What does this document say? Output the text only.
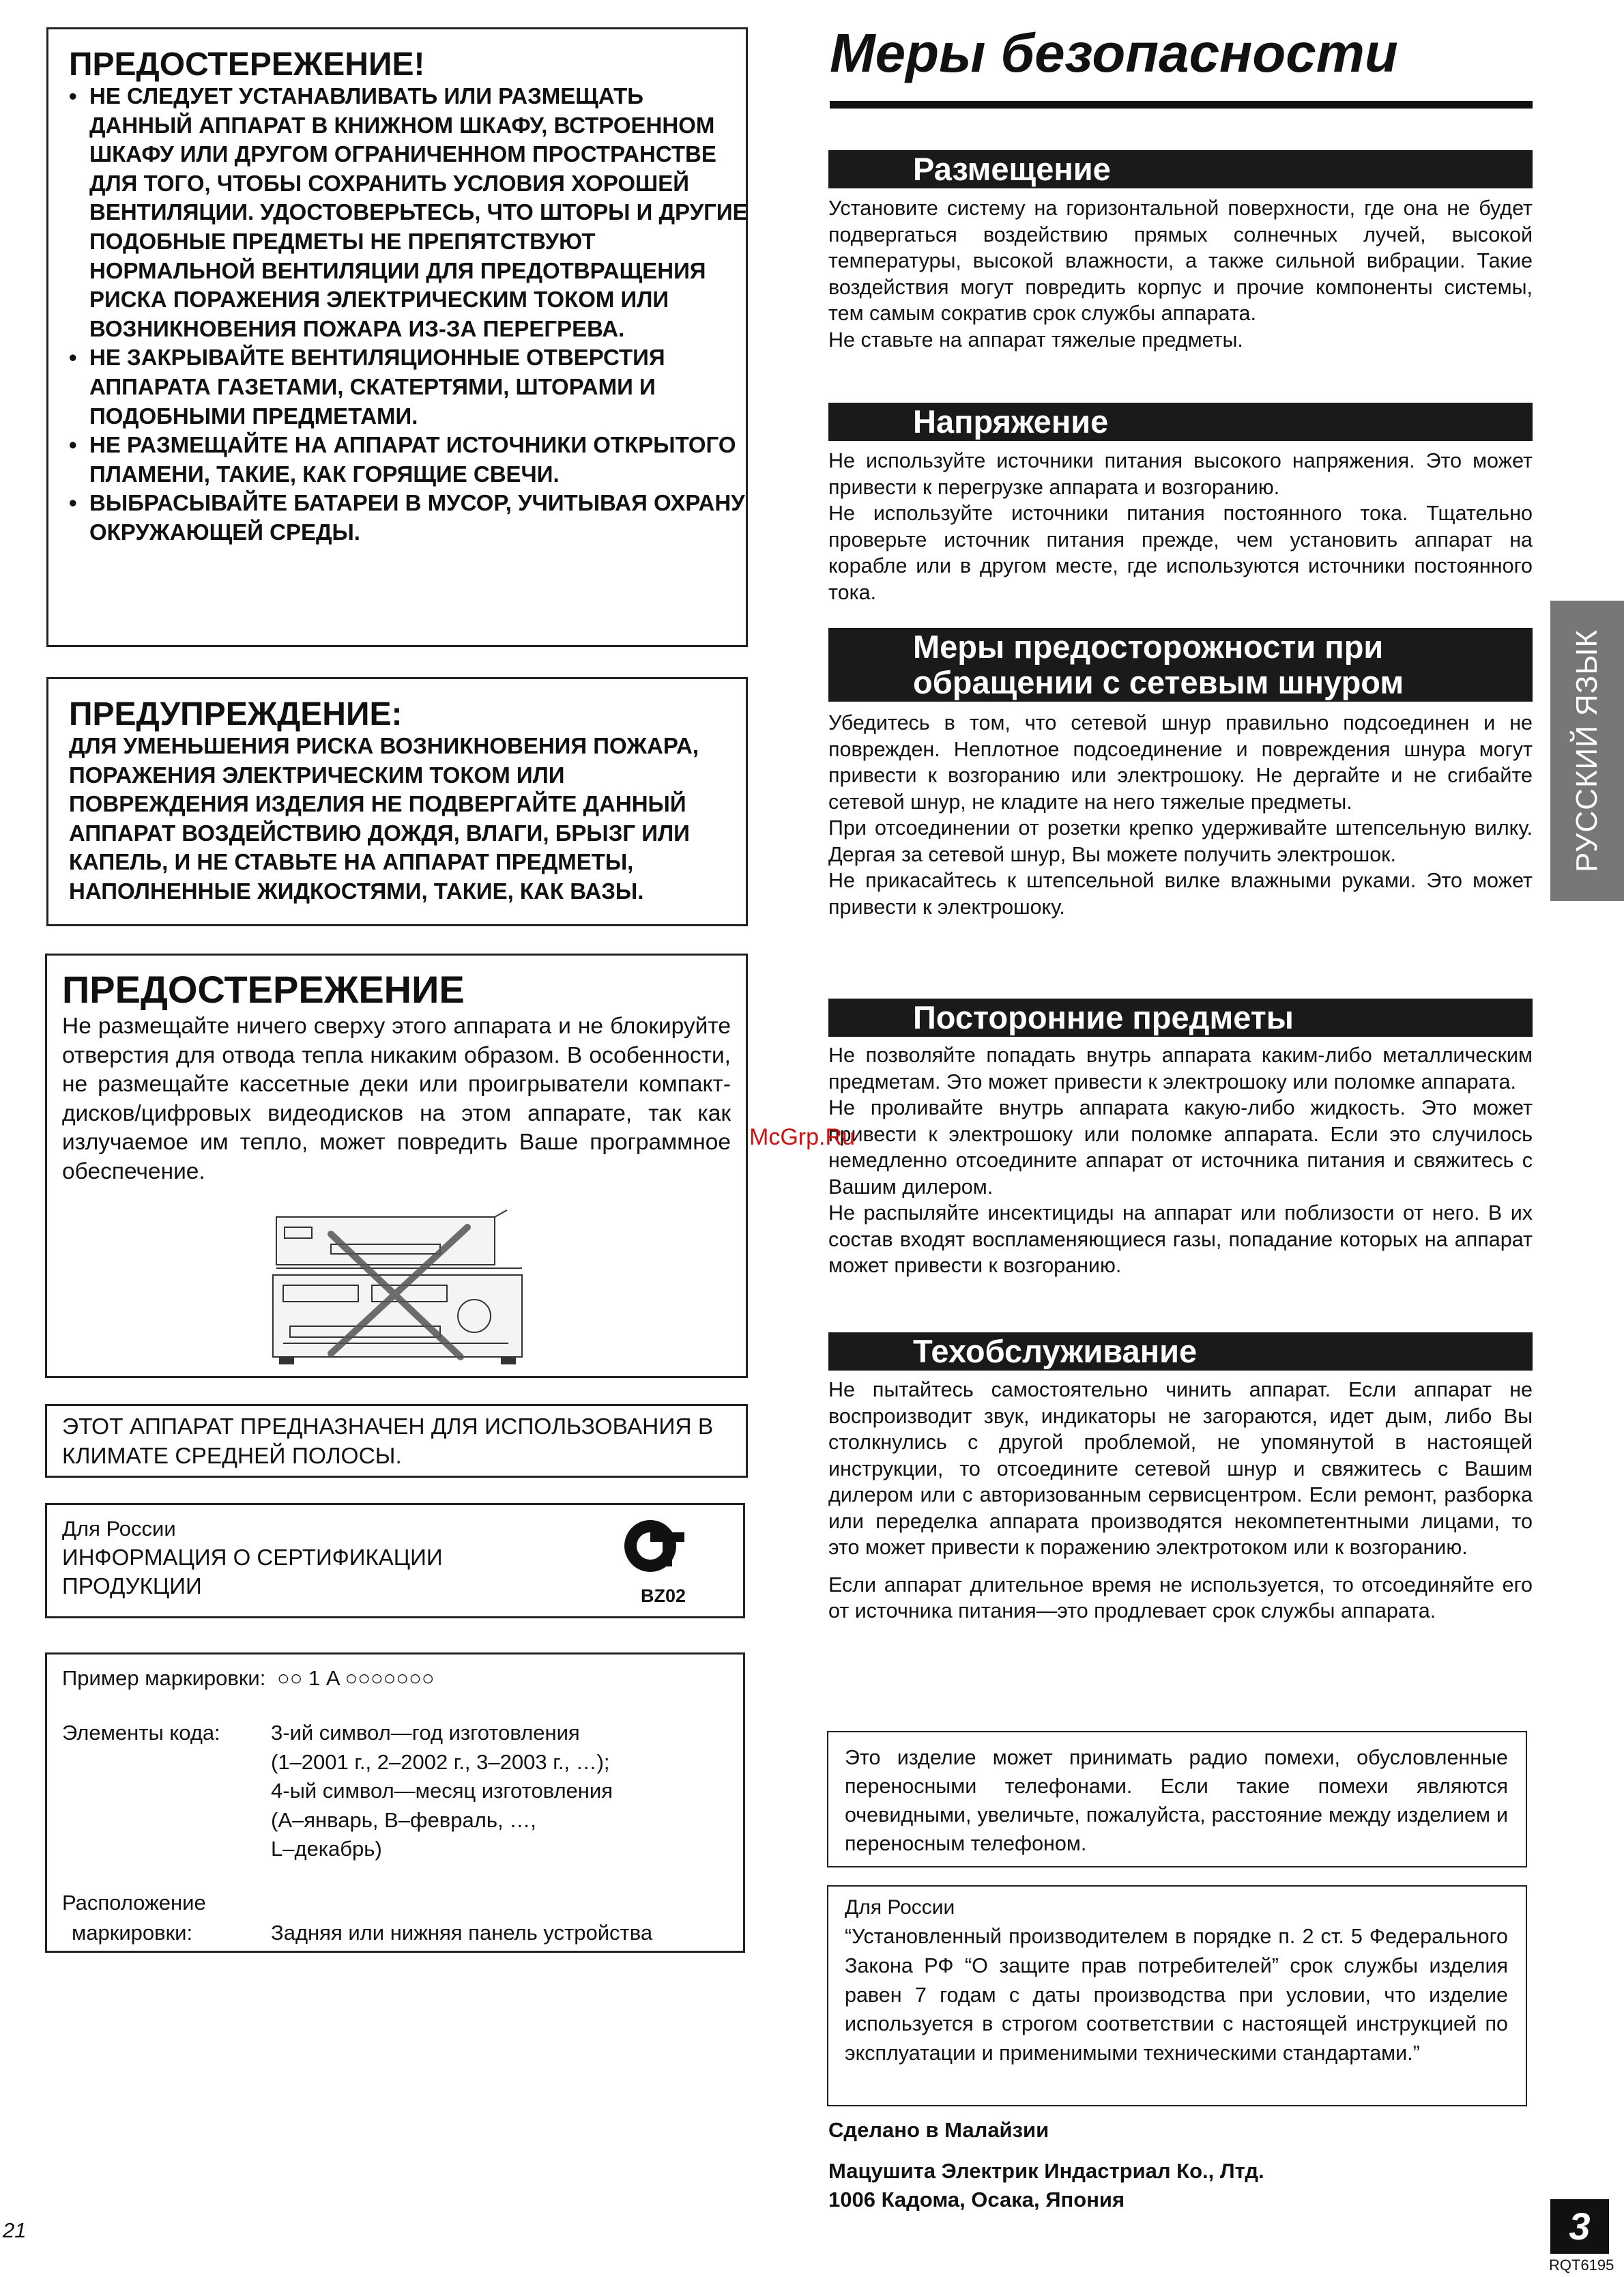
ПРЕДОСТЕРЕЖЕНИЕ!
• НЕ СЛЕДУЕТ УСТАНАВЛИВАТЬ ИЛИ РАЗМЕЩАТЬ ДАННЫЙ АППАРАТ В КНИЖНОМ ШКАФУ, ВСТРОЕННОМ ШКАФУ ИЛИ ДРУГОМ ОГРАНИЧЕННОМ ПРОСТРАНСТВЕ ДЛЯ ТОГО, ЧТОБЫ СОХРАНИТЬ УСЛОВИЯ ХОРОШЕЙ ВЕНТИЛЯЦИИ. УДОСТОВЕРЬТЕСЬ, ЧТО ШТОРЫ И ДРУГИЕ ПОДОБНЫЕ ПРЕДМЕТЫ НЕ ПРЕПЯТСТВУЮТ НОРМАЛЬНОЙ ВЕНТИЛЯЦИИ ДЛЯ ПРЕДОТВРАЩЕНИЯ РИСКА ПОРАЖЕНИЯ ЭЛЕКТРИЧЕСКИМ ТОКОМ ИЛИ ВОЗНИКНОВЕНИЯ ПОЖАРА ИЗ-ЗА ПЕРЕГРЕВА.
• НЕ ЗАКРЫВАЙТЕ ВЕНТИЛЯЦИОННЫЕ ОТВЕРСТИЯ АППАРАТА ГАЗЕТАМИ, СКАТЕРТЯМИ, ШТОРАМИ И ПОДОБНЫМИ ПРЕДМЕТАМИ.
• НЕ РАЗМЕЩАЙТЕ НА АППАРАТ ИСТОЧНИКИ ОТКРЫТОГО ПЛАМЕНИ, ТАКИЕ, КАК ГОРЯЩИЕ СВЕЧИ.
• ВЫБРАСЫВАЙТЕ БАТАРЕИ В МУСОР, УЧИТЫВАЯ ОХРАНУ ОКРУЖАЮЩЕЙ СРЕДЫ.
ПРЕДУПРЕЖДЕНИЕ:
ДЛЯ УМЕНЬШЕНИЯ РИСКА ВОЗНИКНОВЕНИЯ ПОЖАРА, ПОРАЖЕНИЯ ЭЛЕКТРИЧЕСКИМ ТОКОМ ИЛИ ПОВРЕЖДЕНИЯ ИЗДЕЛИЯ НЕ ПОДВЕРГАЙТЕ ДАННЫЙ АППАРАТ ВОЗДЕЙСТВИЮ ДОЖДЯ, ВЛАГИ, БРЫЗГ ИЛИ КАПЕЛЬ, И НЕ СТАВЬТЕ НА АППАРАТ ПРЕДМЕТЫ, НАПОЛНЕННЫЕ ЖИДКОСТЯМИ, ТАКИЕ, КАК ВАЗЫ.
ПРЕДОСТЕРЕЖЕНИЕ
Не размещайте ничего сверху этого аппарата и не блокируйте отверстия для отвода тепла никаким образом. В особенности, не размещайте кассетные деки или проигрыватели компакт-дисков/цифровых видеодисков на этом аппарате, так как излучаемое им тепло, может повредить Ваше программное обеспечение.
ЭТОТ АППАРАТ ПРЕДНАЗНАЧЕН ДЛЯ ИСПОЛЬЗОВАНИЯ В КЛИМАТЕ СРЕДНЕЙ ПОЛОСЫ.
Для России
ИНФОРМАЦИЯ О СЕРТИФИКАЦИИ
ПРОДУКЦИИ	BZ02
Пример маркировки: ○○ 1 A ○○○○○○○
Элементы кода: 3-ий символ—год изготовления
(1–2001 г., 2–2002 г., 3–2003 г., …);
4-ый символ—месяц изготовления
(A–январь, B–февраль, …,
L–декабрь)
Расположение
маркировки:	Задняя или нижняя панель устройства
21
Меры безопасности
Размещение

Установите систему на горизонтальной поверхности, где она не будет подвергаться воздействию прямых солнечных лучей, высокой температуры, высокой влажности, а также сильной вибрации. Такие воздействия могут повредить корпус и прочие компоненты системы, тем самым сократив срок службы аппарата.

Не ставьте на аппарат тяжелые предметы.

Напряжение

Не используйте источники питания высокого напряжения. Это может привести к перегрузке аппарата и возгоранию.

Не используйте источники питания постоянного тока. Тщательно проверьте источник питания прежде, чем установить аппарат на корабле или в другом месте, где используются источники постоянного тока.

Меры предосторожности при
обращении с сетевым шнуром

Убедитесь в том, что сетевой шнур правильно подсоединен и не поврежден. Неплотное подсоединение и повреждения шнура могут привести к возгоранию или электрошоку. Не дергайте и не сгибайте сетевой шнур, не кладите на него тяжелые предметы.

При отсоединении от розетки крепко удерживайте штепсельную вилку. Дергая за сетевой шнур, Вы можете получить электрошок.

Не прикасайтесь к штепсельной вилке влажными руками. Это может привести к электрошоку.

Посторонние предметы

Не позволяйте попадать внутрь аппарата каким-либо металлическим предметам. Это может привести к электрошоку или поломке аппарата.

Не проливайте внутрь аппарата какую-либо жидкость. Это может привести к электрошоку или поломке аппарата. Если это случилось немедленно отсоедините аппарат от источника питания и свяжитесь с Вашим дилером.

Не распыляйте инсектициды на аппарат или поблизости от него. В их состав входят воспламеняющиеся газы, попадание которых на аппарат может привести к возгоранию.

Техобслуживание

Не пытайтесь самостоятельно чинить аппарат. Если аппарат не воспроизводит звук, индикаторы не загораются, идет дым, либо Вы столкнулись с другой проблемой, не упомянутой в настоящей инструкции, то отсоедините сетевой шнур и свяжитесь с Вашим дилером или с авторизованным сервисцентром. Если ремонт, разборка или переделка аппарата производятся некомпетентными лицами, то это может привести к поражению электротоком или к возгоранию.

Если аппарат длительное время не используется, то отсоединяйте его от источника питания—это продлевает срок службы аппарата.

Это изделие может принимать радио помехи, обусловленные переносными телефонами. Если такие помехи являются очевидными, увеличьте, пожалуйста, расстояние между изделием и переносным телефоном.
Для России
“Установленный производителем в порядке п. 2 ст. 5 Федерального Закона РФ “О защите прав потребителей” срок службы изделия равен 7 годам с даты производства при условии, что изделие используется в строгом соответствии с настоящей инструкцией по эксплуатации и применимыми техническими стандартами.”
Сделано в Малайзии
Мацушита Электрик Индастриал Ко., Лтд.
1006 Кадома, Осака, Япония
РУССКИЙ ЯЗЫК
3
RQT6195
McGrp.Ru
